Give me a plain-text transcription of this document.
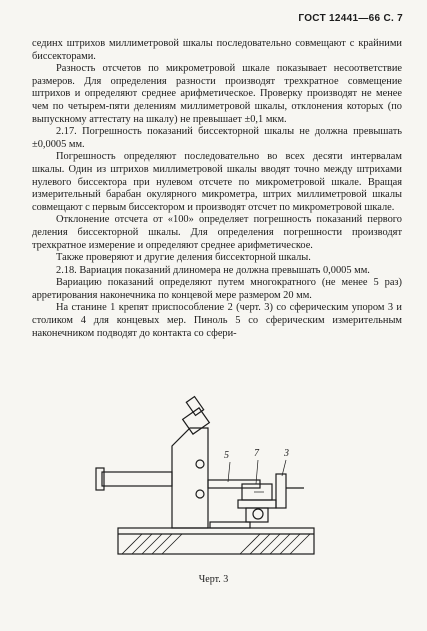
ГОСТ 12441—66 С. 7

сединх штрихов миллиметровой шкалы последовательно совмещают с крайними биссекторами.

Разность отсчетов по микрометровой шкале показывает несоответствие размеров. Для определения разности производят трехкратное совмещение штрихов и определяют среднее арифметическое. Проверку производят не менее чем по четырем-пяти делениям миллиметровой шкалы, отклонения которых (по выпускному аттестату на шкалу) не превышает ±0,1 мкм.

2.17. Погрешность показаний биссекторной шкалы не должна превышать ±0,0005 мм.

Погрешность определяют последовательно во всех десяти интервалам шкалы. Один из штрихов миллиметровой шкалы вводят точно между штрихами нулевого биссектора при нулевом отсчете по микрометровой шкале. Вращая измерительный барабан окулярного микрометра, штрих миллиметровой шкалы совмещают с первым биссектором и производят отсчет по микрометровой шкале.

Отклонение отсчета от «100» определяет погрешность показаний первого деления биссекторной шкалы. Для определения погрешности производят трехкратное измерение и определяют среднее арифметическое.

Также проверяют и другие деления биссекторной шкалы.

2.18. Вариация показаний длиномера не должна превышать 0,0005 мм.

Вариацию показаний определяют путем многократного (не менее 5 раз) арретирования наконечника по концевой мере размером 20 мм.

На станине 1 крепят приспособление 2 (черт. 3) со сферическим упором 3 и столиком 4 для концевых мер. Пиноль 5 со сферическим измерительным наконечником подводят до контакта со сфери-

5	7	3
Черт. 3
